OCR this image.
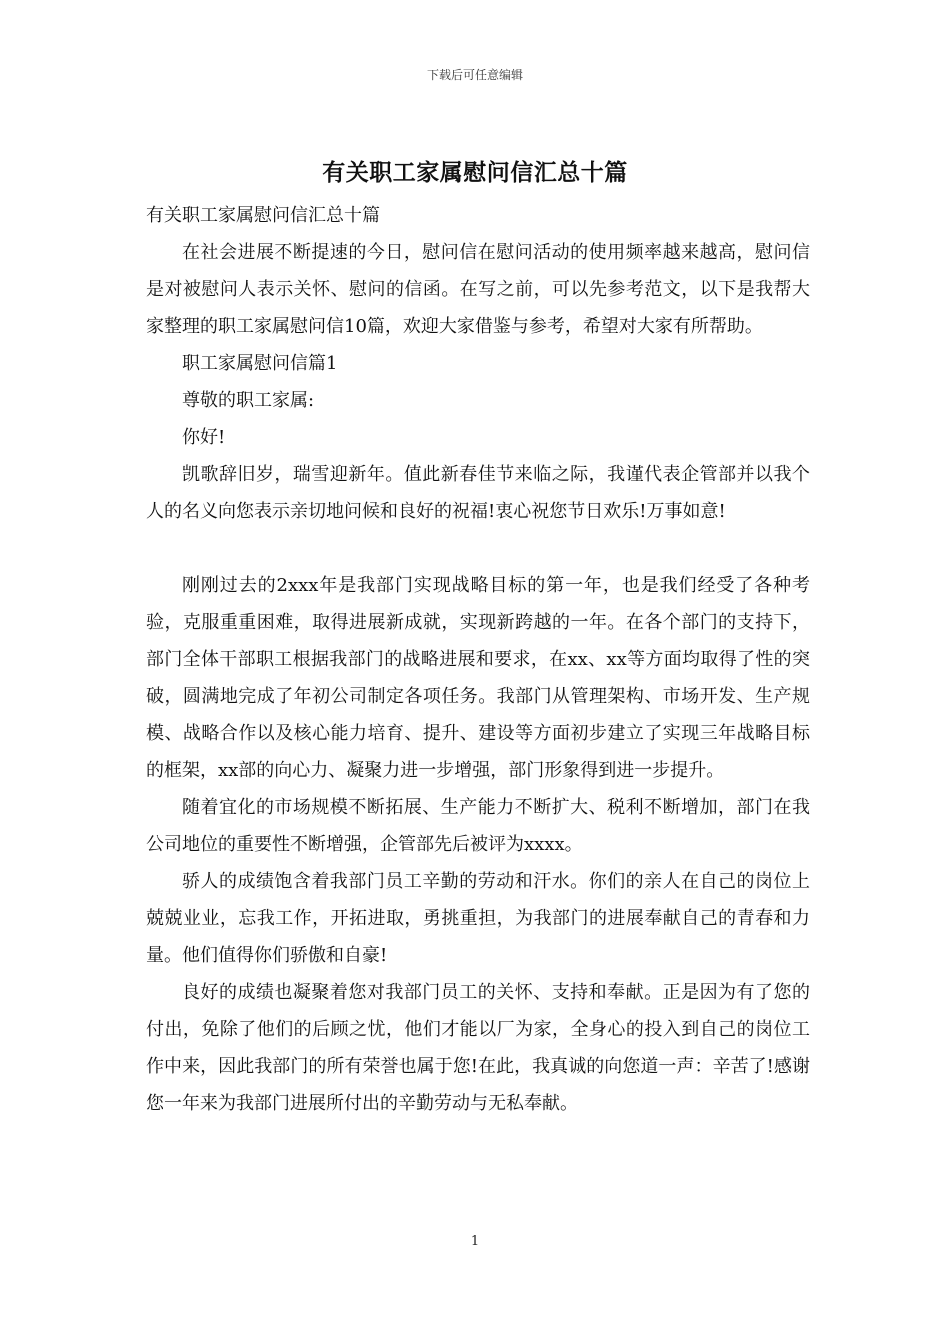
下载后可任意编辑
有关职工家属慰问信汇总十篇

有关职工家属慰问信汇总十篇

在社会进展不断提速的今日，慰问信在慰问活动的使用频率越来越高，慰问信是对被慰问人表示关怀、慰问的信函。在写之前，可以先参考范文，以下是我帮大家整理的职工家属慰问信10篇，欢迎大家借鉴与参考，希望对大家有所帮助。

职工家属慰问信篇1

尊敬的职工家属:

你好!

凯歌辞旧岁，瑞雪迎新年。值此新春佳节来临之际，我谨代表企管部并以我个人的名义向您表示亲切地问候和良好的祝福!衷心祝您节日欢乐!万事如意!

刚刚过去的2xxx年是我部门实现战略目标的第一年，也是我们经受了各种考验，克服重重困难，取得进展新成就，实现新跨越的一年。在各个部门的支持下，部门全体干部职工根据我部门的战略进展和要求，在xx、xx等方面均取得了性的突破，圆满地完成了年初公司制定各项任务。我部门从管理架构、市场开发、生产规模、战略合作以及核心能力培育、提升、建设等方面初步建立了实现三年战略目标的框架，xx部的向心力、凝聚力进一步增强，部门形象得到进一步提升。

随着宜化的市场规模不断拓展、生产能力不断扩大、税利不断增加，部门在我公司地位的重要性不断增强，企管部先后被评为xxxx。

骄人的成绩饱含着我部门员工辛勤的劳动和汗水。你们的亲人在自己的岗位上兢兢业业，忘我工作，开拓进取，勇挑重担，为我部门的进展奉献自己的青春和力量。他们值得你们骄傲和自豪!

良好的成绩也凝聚着您对我部门员工的关怀、支持和奉献。正是因为有了您的付出，免除了他们的后顾之忧，他们才能以厂为家，全身心的投入到自己的岗位工作中来，因此我部门的所有荣誉也属于您!在此，我真诚的向您道一声：辛苦了!感谢您一年来为我部门进展所付出的辛勤劳动与无私奉献。

1
